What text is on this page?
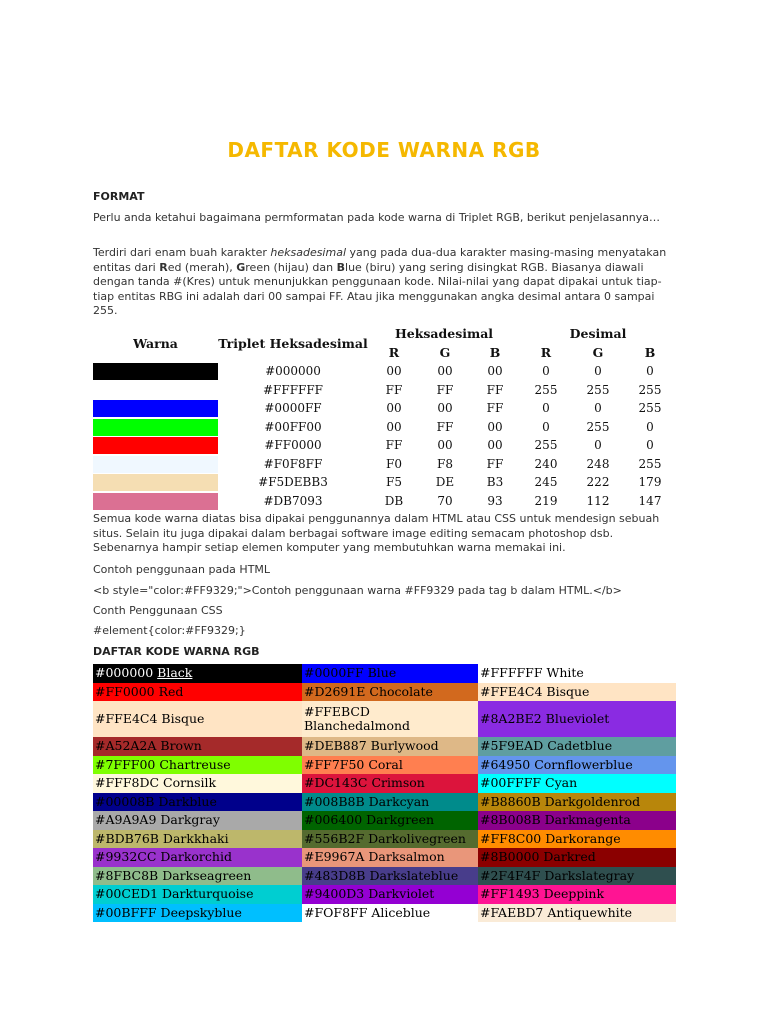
DAFTAR KODE WARNA RGB
FORMAT
Perlu anda ketahui bagaimana permformatan pada kode warna di Triplet RGB, berikut penjelasannya…
Terdiri dari enam buah karakter heksadesimal yang pada dua-dua karakter masing-masing menyatakan entitas dari Red (merah), Green (hijau) dan Blue (biru) yang sering disingkat RGB. Biasanya diawali dengan tanda #(Kres) untuk menunjukkan penggunaan kode. Nilai-nilai yang dapat dipakai untuk tiap-tiap entitas RBG ini adalah dari 00 sampai FF. Atau jika menggunakan angka desimal antara 0 sampai 255.
Warna	Triplet Heksadesimal
Heksadesimal	Desimal
R	G	B	R	G	B
#000000	00	00	00	0	0	0
#FFFFFF	FF	FF	FF	255	255	255
#0000FF	00	00	FF	0	0	255
#00FF00	00	FF	00	0	255	0
#FF0000	FF	00	00	255	0	0
#F0F8FF	F0	F8	FF	240	248	255
#F5DEBB3	F5	DE	B3	245	222	179
#DB7093	DB	70	93	219	112	147
Semua kode warna diatas bisa dipakai penggunannya dalam HTML atau CSS untuk mendesign sebuah situs. Selain itu juga dipakai dalam berbagai software image editing semacam photoshop dsb. Sebenarnya hampir setiap elemen komputer yang membutuhkan warna memakai ini.
Contoh penggunaan pada HTML
<b style="color:#FF9329;">Contoh penggunaan warna #FF9329 pada tag b dalam HTML.</b>
Conth Penggunaan CSS
#element{color:#FF9329;}
DAFTAR KODE WARNA RGB
#000000 Black	#0000FF Blue	#FFFFFF White
#FF0000 Red	#D2691E Chocolate	#FFE4C4 Bisque
#FFE4C4 Bisque	#FFEBCD Blanchedalmond	#8A2BE2 Blueviolet
#A52A2A Brown	#DEB887 Burlywood	#5F9EAD Cadetblue
#7FFF00 Chartreuse	#FF7F50 Coral	#64950 Cornflowerblue
#FFF8DC Cornsilk	#DC143C Crimson	#00FFFF Cyan
#00008B Darkblue	#008B8B Darkcyan	#B8860B Darkgoldenrod
#A9A9A9 Darkgray	#006400 Darkgreen	#8B008B Darkmagenta
#BDB76B Darkkhaki	#556B2F Darkolivegreen #FF8C00 Darkorange
#9932CC Darkorchid	#E9967A Darksalmon	#8B0000 Darkred
#8FBC8B Darkseagreen	#483D8B Darkslateblue #2F4F4F Darkslategray
#00CED1 Darkturquoise	#9400D3 Darkviolet	#FF1493 Deeppink
#00BFFF Deepskyblue	#FOF8FF Aliceblue	#FAEBD7 Antiquewhite
